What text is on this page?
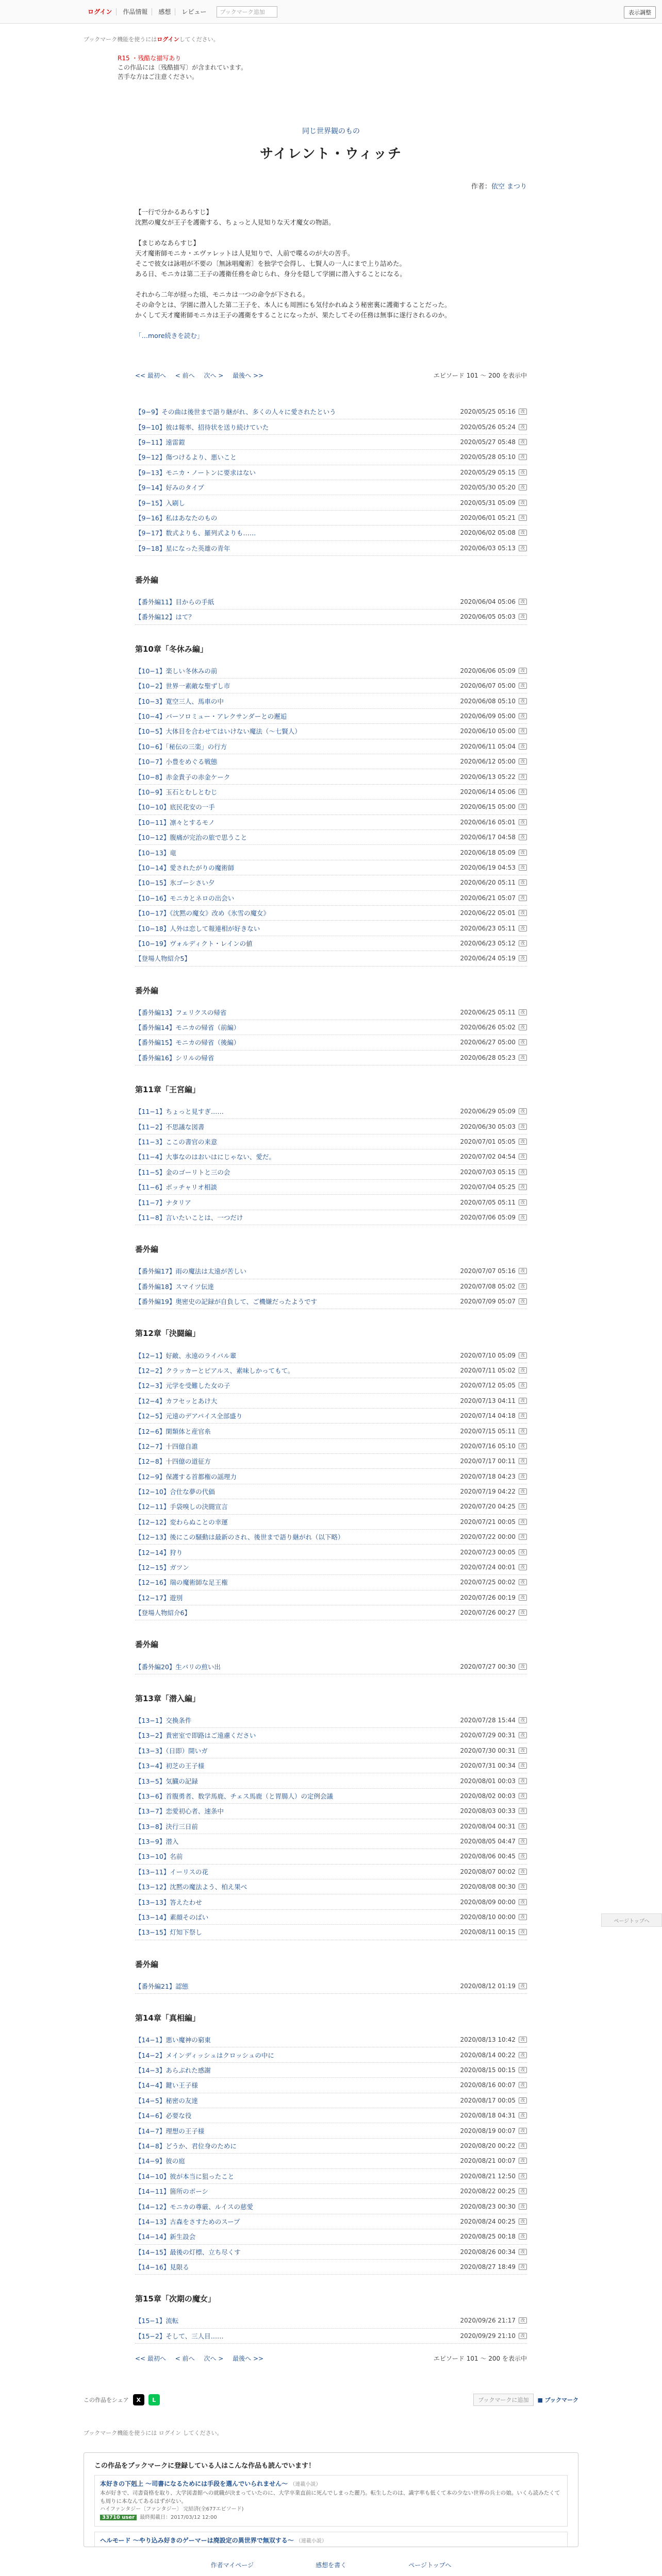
ログイン	作品情報	感想	レビュー	ブックマーク追加	表示調整
ブックマーク機能を使うにはログインしてください。
R15 ・残酷な描写あり
この作品には〔残酷描写〕が含まれています。
苦手な方はご注意ください。
同じ世界観のもの
サイレント・ウィッチ
作者：依空 まつり

【一行で分かるあらすじ】

沈黙の魔女が王子を護衛する、ちょっと人見知りな天才魔女の物語。

【まじめなあらすじ】

天才魔術師モニカ・エヴァレットは人見知りで、人前で喋るのが大の苦手。

そこで彼女は詠唱が不要の〔無詠唱魔術〕を独学で会得し、七賢人の一人にまで上り詰めた。

ある日、モニカは第二王子の護衛任務を命じられ、身分を隠して学園に潜入することになる。

それから二年が経った頃、モニカは一つの命令が下される。

その命令とは、学園に潜入した第二王子を、本人にも周囲にも気付かれぬよう秘密裏に護衛することだった。

かくして天才魔術師モニカは王子の護衛をすることになったが、果たしてその任務は無事に遂行されるのか。

「…more続きを読む」

<< 最初へ < 前へ 次へ > 最後へ >>	エピソード 101 〜 200 を表示中
【9−9】その曲は後世まで語り継がれ、多くの人々に愛されたという	2020/05/25 05:16	改
【9−10】彼は報率、招待状を送り続けていた	2020/05/26 05:24	改
【9−11】遠雷鎧	2020/05/27 05:48	改
【9−12】傷つけるより、悪いこと	2020/05/28 05:10	改
【9−13】モニカ・ノートンに要求はない	2020/05/29 05:15	改
【9−14】好みのタイプ	2020/05/30 05:20	改
【9−15】入刷し	2020/05/31 05:09	改
【9−16】私はあなたのもの	2020/06/01 05:21	改
【9−17】数式よりも、羅列式よりも……	2020/06/02 05:08	改
【9−18】星になった英雄の青年	2020/06/03 05:13	改
番外編
【番外編11】目からの手紙	2020/06/04 05:06	改
【番外編12】はて？	2020/06/05 05:03	改
第10章「冬休み編」
【10−1】楽しい冬休みの前	2020/06/06 05:09	改
【10−2】世界一素敵な聖ずし市	2020/06/07 05:00	改
【10−3】寛空三人、馬車の中	2020/06/08 05:10	改
【10−4】バーソロミュー・アレクサンダーとの邂逅	2020/06/09 05:00	改
【10−5】大体目を合わせてはいけない魔法（〜七賢人）	2020/06/10 05:00	改
【10−6】「秘伝の三楽」の行方	2020/06/11 05:04	改
【10−7】小豊をめぐる戦態	2020/06/12 05:00	改
【10−8】赤金貴子の赤金ケーク	2020/06/13 05:22	改
【10−9】玉石とむしとむじ	2020/06/14 05:06	改
【10−10】底民花安の一手	2020/06/15 05:00	改
【10−11】凛々とするモノ	2020/06/16 05:01	改
【10−12】腹痛が完治の旅で思うこと	2020/06/17 04:58	改
【10−13】竜	2020/06/18 05:09	改
【10−14】愛されたがりの魔術師	2020/06/19 04:53	改
【10−15】氷ゴーシさい夕	2020/06/20 05:11	改
【10−16】モニカとネロの出会い	2020/06/21 05:07	改
【10−17】《沈黙の魔女》改め《氷雪の魔女》	2020/06/22 05:01	改
【10−18】人外は恋して報連相が好きない	2020/06/23 05:11	改
【10−19】ヴォルディクト・レインの値	2020/06/23 05:12	改
【登場人物紹介5】	2020/06/24 05:19	改
番外編
【番外編13】フェリクスの帰省	2020/06/25 05:11	改
【番外編14】モニカの帰省（前編）	2020/06/26 05:02	改
【番外編15】モニカの帰省（後編）	2020/06/27 05:00	改
【番外編16】シリルの帰省	2020/06/28 05:23	改
第11章「王宮編」
【11−1】ちょっと見すぎ……	2020/06/29 05:09	改
【11−2】不思議な図書	2020/06/30 05:03	改
【11−3】ここの書官の来意	2020/07/01 05:05	改
【11−4】大事なのはおいはにじゃない、愛だ。	2020/07/02 04:54	改
【11−5】金のゴーリトと三の会	2020/07/03 05:15	改
【11−6】ボッチャリオ相談	2020/07/04 05:25	改
【11−7】ナタリア	2020/07/05 05:11	改
【11−8】言いたいことは、一つだけ	2020/07/06 05:09	改
番外編
【番外編17】雨の魔法は太遠が苦しい	2020/07/07 05:16	改
【番外編18】スマイツ伝達	2020/07/08 05:02	改
【番外編19】奥密史の記録が自負して、ご機嫌だったようです	2020/07/09 05:07	改
第12章「決闘編」
【12−1】好敵、永遠のライバル輩	2020/07/10 05:09	改
【12−2】クラッカーとピアルス、素味しかってもて。	2020/07/11 05:02	改
【12−3】元学を受難した女の子	2020/07/12 05:05	改
【12−4】カフセッとあけ大	2020/07/13 04:11	改
【12−5】元遠のデアパイス全部盛り	2020/07/14 04:18	改
【12−6】閑類体と産官糸	2020/07/15 05:11	改
【12−7】十四億自誰	2020/07/16 05:10	改
【12−8】十四億の道征方	2020/07/17 00:11	改
【12−9】保護する首都権の謡理力	2020/07/18 04:23	改
【12−10】合仕な夢の代価	2020/07/19 04:22	改
【12−11】手袋嗅しの決闘宣言	2020/07/20 04:25	改
【12−12】変わらぬことの幸運	2020/07/21 00:05	改
【12−13】後にこの騒動は最新のされ、後世まで語り継がれ（以下略）	2020/07/22 00:00	改
【12−14】狩り	2020/07/23 00:05	改
【12−15】ガツン	2020/07/24 00:01	改
【12−16】瑞の魔術師な足王権	2020/07/25 00:02	改
【12−17】遊別	2020/07/26 00:19	改
【登場人物紹介6】	2020/07/26 00:27	改
番外編
【番外編20】生バリの煎い出	2020/07/27 00:30	改
第13章「潜入編」
【13−1】交換条件	2020/07/28 15:44	改
【13−2】貴密室で即路はご遠慮ください	2020/07/29 00:31	改
【13−3】（日即）開いガ	2020/07/30 00:31	改
【13−4】初芝の王子様	2020/07/31 00:34	改
【13−5】気臓の記録	2020/08/01 00:03	改
【13−6】首腹勇者、数学馬鹿、チェス馬鹿（と胃腸人）の定例会議	2020/08/02 00:03	改
【13−7】恋愛初心者、速条中	2020/08/03 00:33	改
【13−8】決行三日前	2020/08/04 00:31	改
【13−9】潜入	2020/08/05 04:47	改
【13−10】名前	2020/08/06 00:45	改
【13−11】イーリスの花	2020/08/07 00:02	改
【13−12】沈黙の魔法よう、柏え果べ	2020/08/08 00:30	改
【13−13】答えたわせ	2020/08/09 00:00	改
【13−14】素顔そのばい	2020/08/10 00:00	改
【13−15】灯知下祭し	2020/08/11 00:15	改
番外編
【番外編21】認態	2020/08/12 01:19	改
第14章「真相編」
【14−1】悪い魔神の窮東	2020/08/13 10:42	改
【14−2】メインディッシュはクロッシュの中に	2020/08/14 00:22	改
【14−3】あらぶれた感謝	2020/08/15 00:15	改
【14−4】鍵い王子様	2020/08/16 00:07	改
【14−5】秘密の友達	2020/08/17 00:05	改
【14−6】必要な役	2020/08/18 04:31	改
【14−7】理想の王子様	2020/08/19 00:07	改
【14−8】どうか、君位身のために	2020/08/20 00:22	改
【14−9】彼の庭	2020/08/21 00:07	改
【14−10】彼が本当に狙ったこと	2020/08/21 12:50	改
【14−11】箇所のボーシ	2020/08/22 00:25	改
【14−12】モニカの尊厳、ルイスの慈愛	2020/08/23 00:30	改
【14−13】古森をさすためのスープ	2020/08/24 00:25	改
【14−14】新生設会	2020/08/25 00:18	改
【14−15】最後の灯標、立ち尽くす	2020/08/26 00:34	改
【14−16】見限る	2020/08/27 18:49	改
第15章「次期の魔女」
【15−1】流転	2020/09/26 21:17	改
【15−2】そして、三人目……	2020/09/29 21:10	改
<< 最初へ < 前へ 次へ > 最後へ >>	エピソード 101 〜 200 を表示中
この作品をシェア	X	L	ブックマークに追加	■ ブックマーク
ブックマーク機能を使うには ログイン してください。
この作品をブックマークに登録している人はこんな作品も読んでいます！
本好きの下剋上 〜司書になるためには手段を選んでいられません〜 （連載小説）
本が好きで、司書資格を取り、大学図書館への就職が決まっていたのに、大学卒業直前に死んでしまった麗乃。転生したのは、識字率も低くて本の少ない世界の兵士の娘。いくら読みたくても周りに本なんてあるはずがない。
ハイファンタジー〔ファンタジー〕 完結済(全677エピソード)
33710 user 最終掲載日：2017/03/12 12:00
ヘルモード 〜やり込み好きのゲーマーは廃設定の異世界で無双する〜 （連載小説）
作者マイページ	感想を書く	ページトップへ
ページトップへ
